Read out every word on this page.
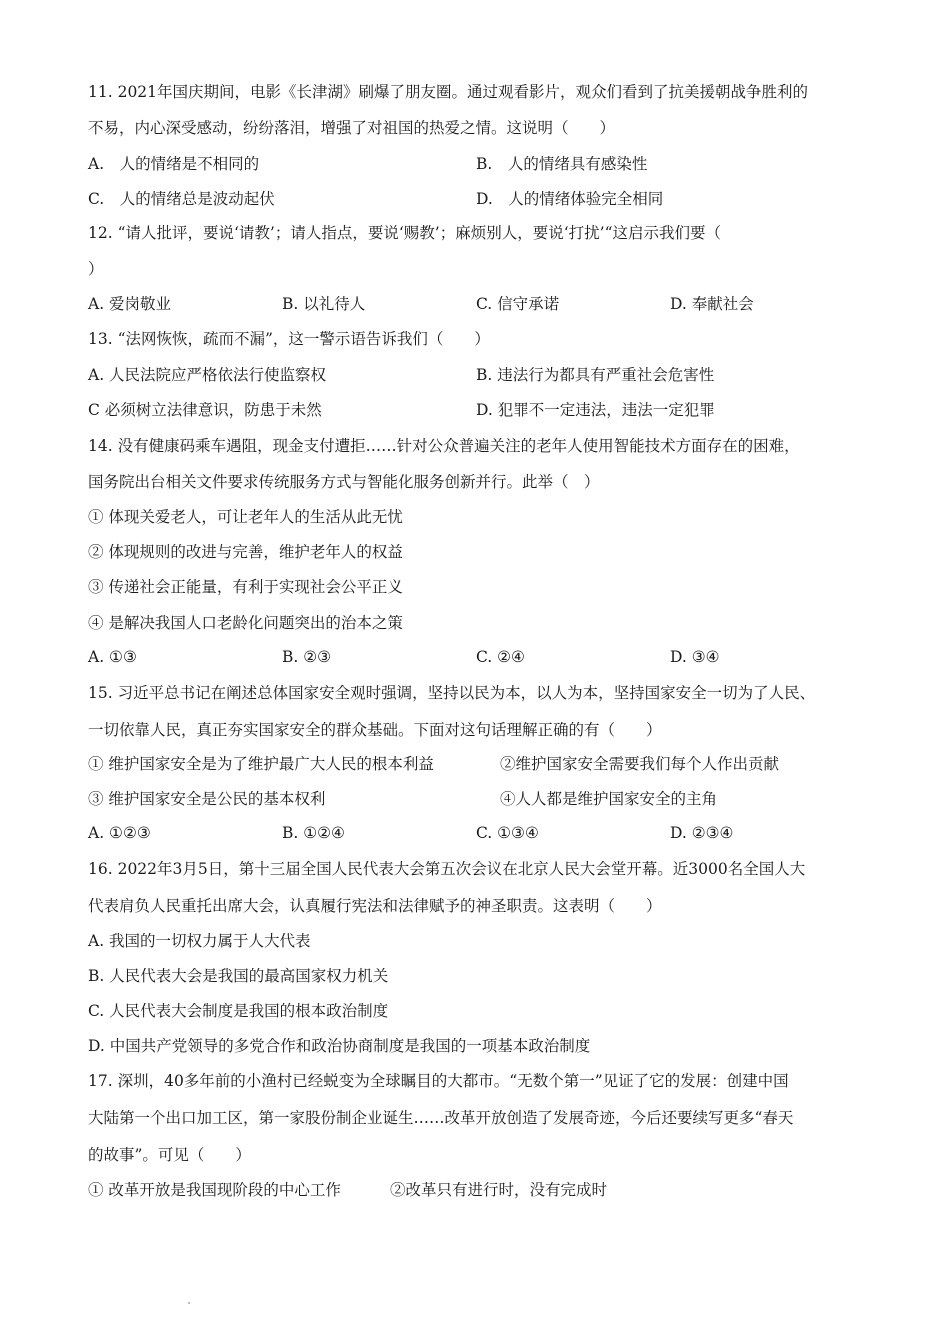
11. 2021年国庆期间，电影《长津湖》刷爆了朋友圈。通过观看影片，观众们看到了抗美援朝战争胜利的
不易，内心深受感动，纷纷落泪，增强了对祖国的热爱之情。这说明（　　）
A.　人的情绪是不相同的	B.　人的情绪具有感染性
C.　人的情绪总是波动起伏	D.　人的情绪体验完全相同
12. “请人批评，要说‘请教’；请人指点，要说‘赐教’；麻烦别人，要说‘打扰’“这启示我们要（
）
A. 爱岗敬业	B. 以礼待人	C. 信守承诺	D. 奉献社会
13. “法网恢恢，疏而不漏”，这一警示语告诉我们（　　）
A. 人民法院应严格依法行使监察权	B. 违法行为都具有严重社会危害性
C 必须树立法律意识，防患于未然	D. 犯罪不一定违法，违法一定犯罪
14. 没有健康码乘车遇阻，现金支付遭拒……针对公众普遍关注的老年人使用智能技术方面存在的困难，
国务院出台相关文件要求传统服务方式与智能化服务创新并行。此举（　）
① 体现关爱老人，可让老年人的生活从此无忧
② 体现规则的改进与完善，维护老年人的权益
③ 传递社会正能量，有利于实现社会公平正义
④ 是解决我国人口老龄化问题突出的治本之策
A. ①③	B. ②③	C. ②④	D. ③④
15. 习近平总书记在阐述总体国家安全观时强调，坚持以民为本，以人为本，坚持国家安全一切为了人民、
一切依靠人民，真正夯实国家安全的群众基础。下面对这句话理解正确的有（　　）
① 维护国家安全是为了维护最广大人民的根本利益	②维护国家安全需要我们每个人作出贡献
③ 维护国家安全是公民的基本权利	④人人都是维护国家安全的主角
A. ①②③	B. ①②④	C. ①③④	D. ②③④
16. 2022年3月5日，第十三届全国人民代表大会第五次会议在北京人民大会堂开幕。近3000名全国人大
代表肩负人民重托出席大会，认真履行宪法和法律赋予的神圣职责。这表明（　　）
A. 我国的一切权力属于人大代表
B. 人民代表大会是我国的最高国家权力机关
C. 人民代表大会制度是我国的根本政治制度
D. 中国共产党领导的多党合作和政治协商制度是我国的一项基本政治制度
17. 深圳，40多年前的小渔村已经蜕变为全球瞩目的大都市。“无数个第一”见证了它的发展：创建中国
大陆第一个出口加工区，第一家股份制企业诞生……改革开放创造了发展奇迹，今后还要续写更多“春天
的故事”。可见（　　）
① 改革开放是我国现阶段的中心工作	②改革只有进行时，没有完成时
